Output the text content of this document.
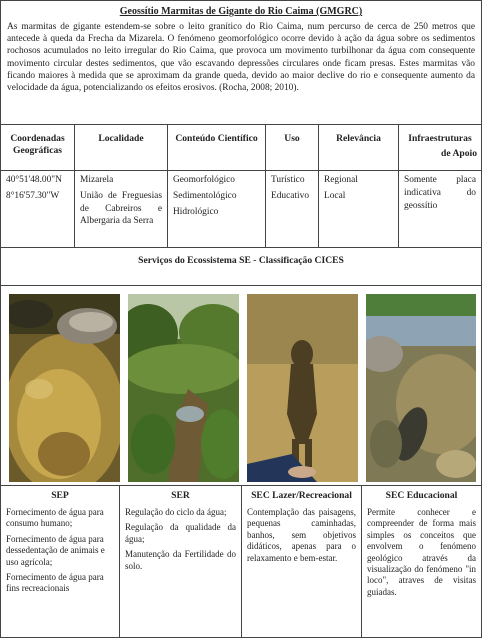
Geossítio Marmitas de Gigante do Rio Caima (GMGRC)
As marmitas de gigante estendem-se sobre o leito granítico do Rio Caima, num percurso de cerca de 250 metros que antecede à queda da Frecha da Mizarela. O fenómeno geomorfológico ocorre devido à ação da água sobre os sedimentos rochosos acumulados no leito irregular do Rio Caima, que provoca um movimento turbilhonar da água com consequente movimento circular destes sedimentos, que vão escavando depressões circulares onde ficam presas. Estes marmitas vão ficando maiores à medida que se aproximam da grande queda, devido ao maior declive do rio e consequente aumento da velocidade da água, potencializando os efeitos erosivos. (Rocha, 2008; 2010).
Coordenadas Geográficas

40°51'48.00"N

8°16'57.30"W

Localidade

Mizarela

União de Freguesias de Cabreiros e Albergaria da Serra

Conteúdo Científico

Geomorfológico

Sedimentológico

Hidrológico

Uso

Turístico

Educativo

Relevância

Regional

Local

Infraestruturas
de Apoio

Somente placa indicativa do geossítio

Serviços do Ecossistema SE - Classificação CICES
SEP

Fornecimento de água para consumo humano;

Fornecimento de água para dessedentação de animais e uso agrícola;

Fornecimento de água para fins recreacionais

SER

Regulação do ciclo da água;

Regulação da qualidade da água;

Manutenção da Fertilidade do solo.

SEC Lazer/Recreacional

Contemplação das paisagens, pequenas caminhadas, banhos, sem objetivos didáticos, apenas para o relaxamento e bem-estar.

SEC Educacional

Permite conhecer e compreender de forma mais simples os conceitos que envolvem o fenómeno geológico através da visualização do fenómeno "in loco", atraves de visitas guiadas.
